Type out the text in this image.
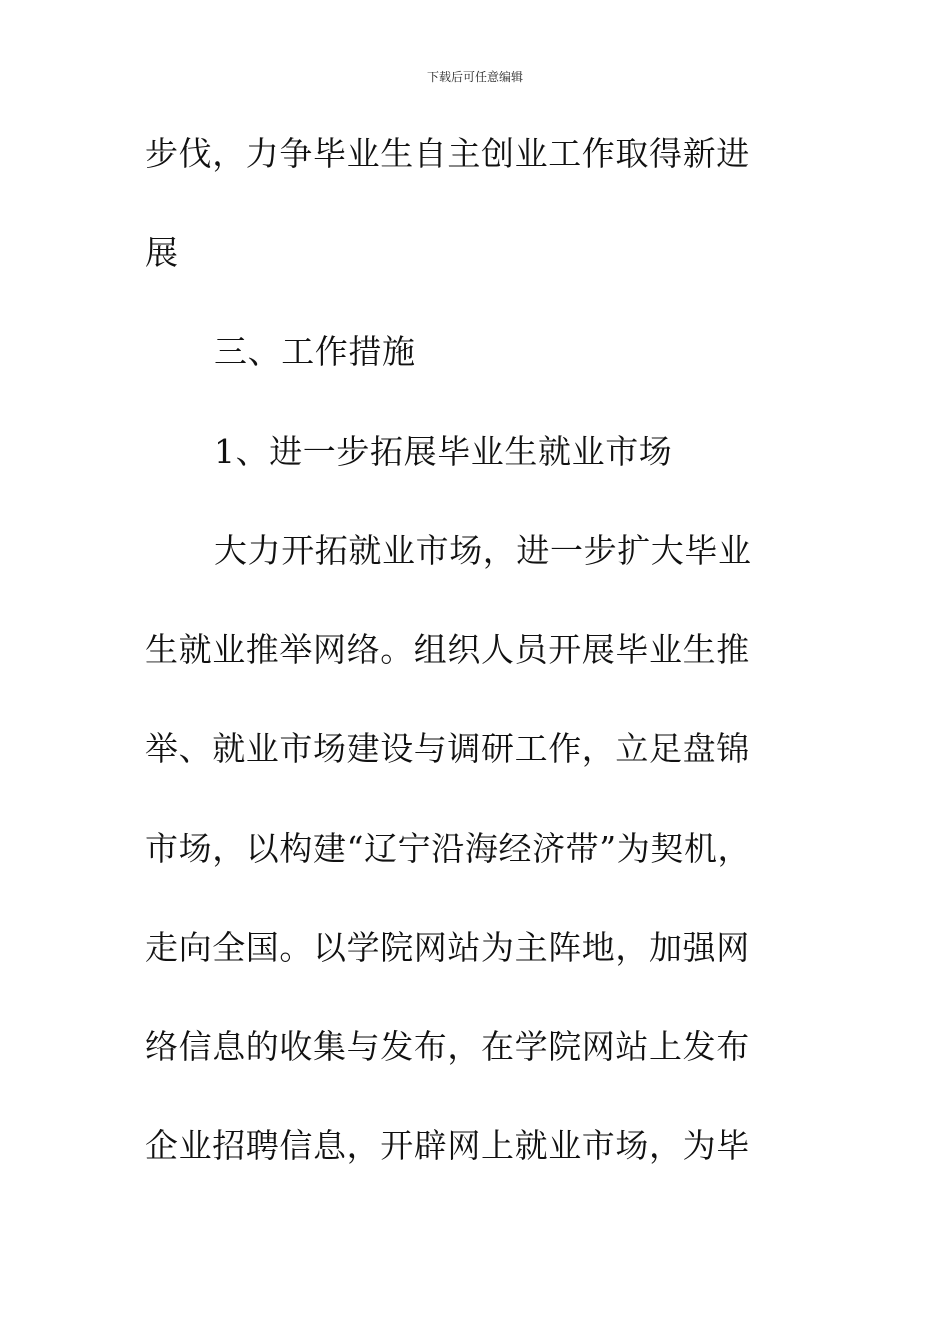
下载后可任意编辑
步伐，力争毕业生自主创业工作取得新进
展
三、工作措施
1、进一步拓展毕业生就业市场
大力开拓就业市场，进一步扩大毕业
生就业推举网络。组织人员开展毕业生推
举、就业市场建设与调研工作，立足盘锦
市场，以构建“辽宁沿海经济带”为契机，
走向全国。以学院网站为主阵地，加强网
络信息的收集与发布，在学院网站上发布
企业招聘信息，开辟网上就业市场，为毕
